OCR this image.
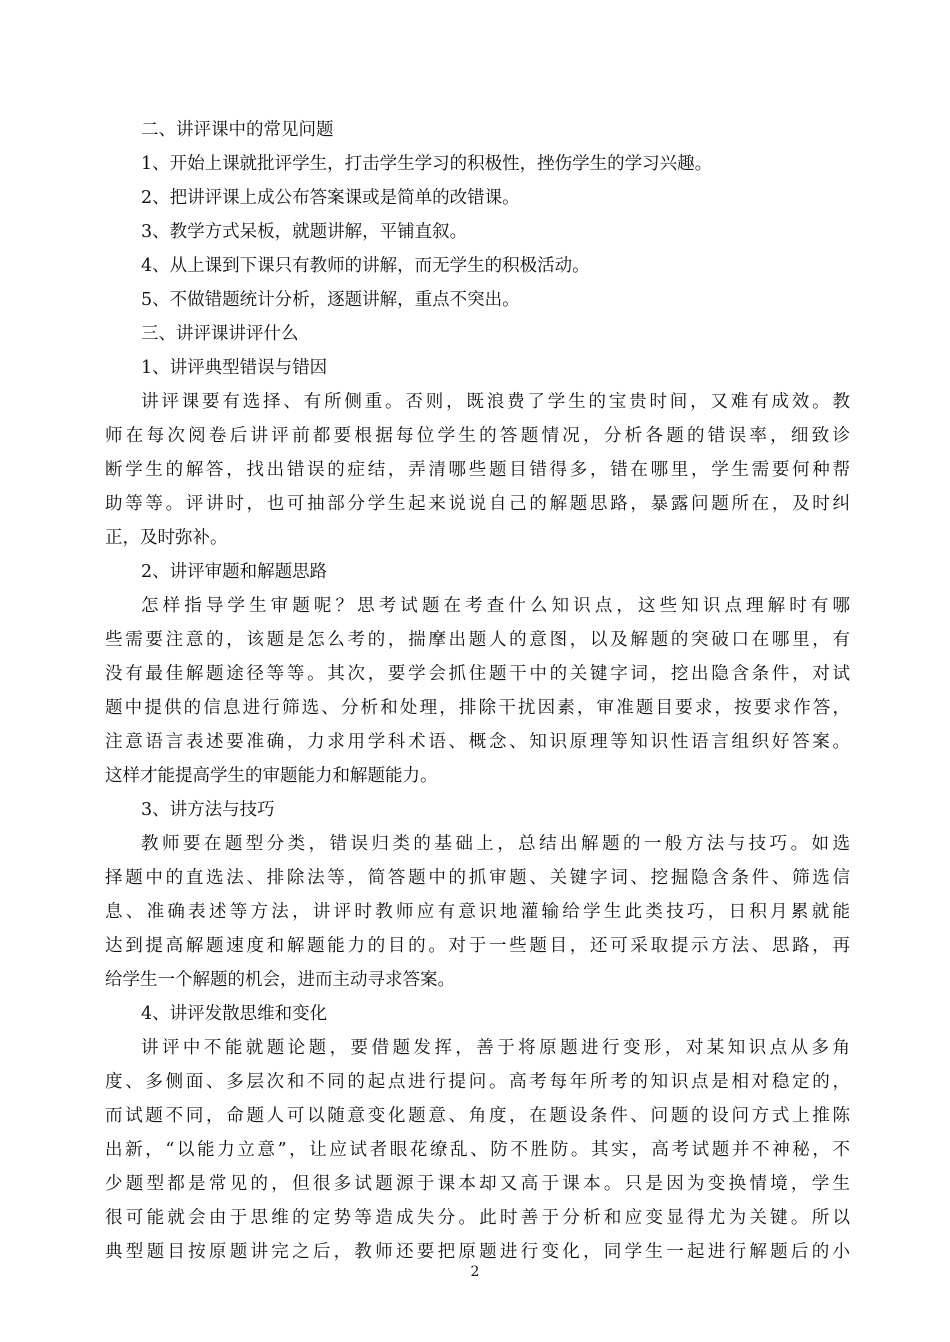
二、讲评课中的常见问题
1、开始上课就批评学生，打击学生学习的积极性，挫伤学生的学习兴趣。
2、把讲评课上成公布答案课或是简单的改错课。
3、教学方式呆板，就题讲解，平铺直叙。
4、从上课到下课只有教师的讲解，而无学生的积极活动。
5、不做错题统计分析，逐题讲解，重点不突出。
三、讲评课讲评什么
1、讲评典型错误与错因
讲评课要有选择、有所侧重。否则，既浪费了学生的宝贵时间，又难有成效。教
师在每次阅卷后讲评前都要根据每位学生的答题情况，分析各题的错误率，细致诊
断学生的解答，找出错误的症结，弄清哪些题目错得多，错在哪里，学生需要何种帮
助等等。评讲时，也可抽部分学生起来说说自己的解题思路，暴露问题所在，及时纠
正，及时弥补。
2、讲评审题和解题思路
怎样指导学生审题呢？思考试题在考查什么知识点，这些知识点理解时有哪
些需要注意的，该题是怎么考的，揣摩出题人的意图，以及解题的突破口在哪里，有
没有最佳解题途径等等。其次，要学会抓住题干中的关键字词，挖出隐含条件，对试
题中提供的信息进行筛选、分析和处理，排除干扰因素，审准题目要求，按要求作答，
注意语言表述要准确，力求用学科术语、概念、知识原理等知识性语言组织好答案。
这样才能提高学生的审题能力和解题能力。
3、讲方法与技巧
教师要在题型分类，错误归类的基础上，总结出解题的一般方法与技巧。如选
择题中的直选法、排除法等，简答题中的抓审题、关键字词、挖掘隐含条件、筛选信
息、准确表述等方法，讲评时教师应有意识地灌输给学生此类技巧，日积月累就能
达到提高解题速度和解题能力的目的。对于一些题目，还可采取提示方法、思路，再
给学生一个解题的机会，进而主动寻求答案。
4、讲评发散思维和变化
讲评中不能就题论题，要借题发挥，善于将原题进行变形，对某知识点从多角
度、多侧面、多层次和不同的起点进行提问。高考每年所考的知识点是相对稳定的，
而试题不同，命题人可以随意变化题意、角度，在题设条件、问题的设问方式上推陈
出新，“以能力立意”，让应试者眼花缭乱、防不胜防。其实，高考试题并不神秘，不
少题型都是常见的，但很多试题源于课本却又高于课本。只是因为变换情境，学生
很可能就会由于思维的定势等造成失分。此时善于分析和应变显得尤为关键。所以
典型题目按原题讲完之后，教师还要把原题进行变化，同学生一起进行解题后的小
2
